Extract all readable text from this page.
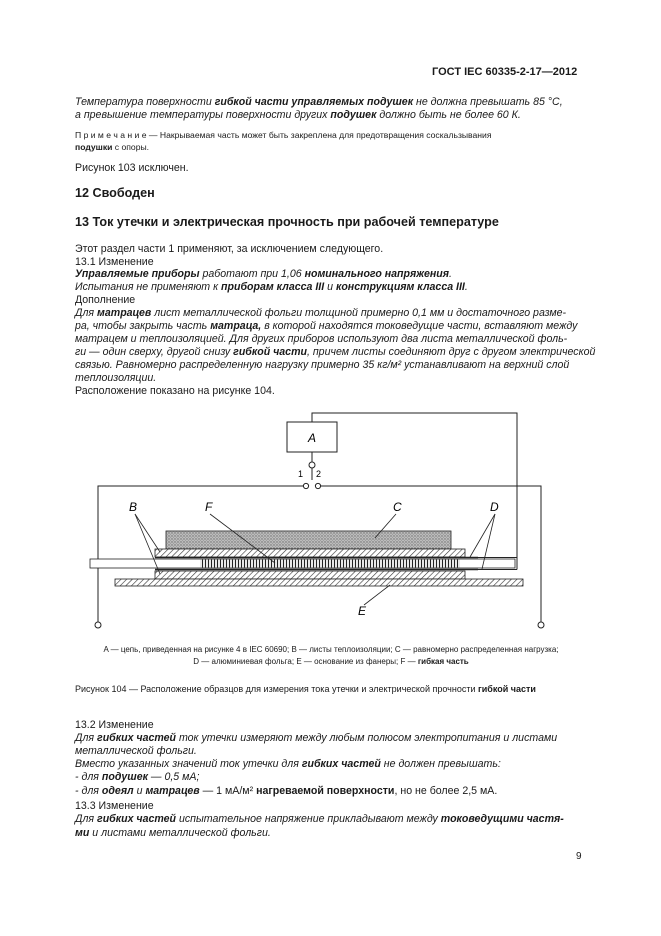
ГОСТ IEC 60335-2-17—2012
Температура поверхности гибкой части управляемых подушек не должна превышать 85 °С,
а превышение температуры поверхности других подушек должно быть не более 60 К.
П р и м е ч а н и е — Накрываемая часть может быть закреплена для предотвращения соскальзывания
подушки с опоры.
Рисунок 103 исключен.
12 Свободен
13 Ток утечки и электрическая прочность при рабочей температуре
Этот раздел части 1 применяют, за исключением следующего.
13.1 Изменение
Управляемые приборы работают при 1,06 номинального напряжения.
Испытания не применяют к приборам класса III и конструкциям класса III.
Дополнение
Для матрацев лист металлической фольги толщиной примерно 0,1 мм и достаточного разме-
ра, чтобы закрыть часть матраца, в которой находятся токоведущие части, вставляют между
матрацем и теплоизоляцией. Для других приборов используют два листа металлической фоль-
ги — один сверху, другой снизу гибкой части, причем листы соединяют друг с другом электрической
связью. Равномерно распределенную нагрузку примерно 35 кг/м² устанавливают на верхний слой
теплоизоляции.
Расположение показано на рисунке 104.
A
1 2
B	F	C	D
E
A — цепь, приведенная на рисунке 4 в IEC 60690; B — листы теплоизоляции; C — равномерно распределенная нагрузка;
D — алюминиевая фольга; E — основание из фанеры; F — гибкая часть
Рисунок 104 — Расположение образцов для измерения тока утечки и электрической прочности гибкой части
13.2 Изменение
Для гибких частей ток утечки измеряют между любым полюсом электропитания и листами
металлической фольги.
Вместо указанных значений ток утечки для гибких частей не должен превышать:
- для подушек — 0,5 мА;
- для одеял и матрацев — 1 мА/м² нагреваемой поверхности, но не более 2,5 мА.
13.3 Изменение
Для гибких частей испытательное напряжение прикладывают между токоведущими частя-
ми и листами металлической фольги.
9
